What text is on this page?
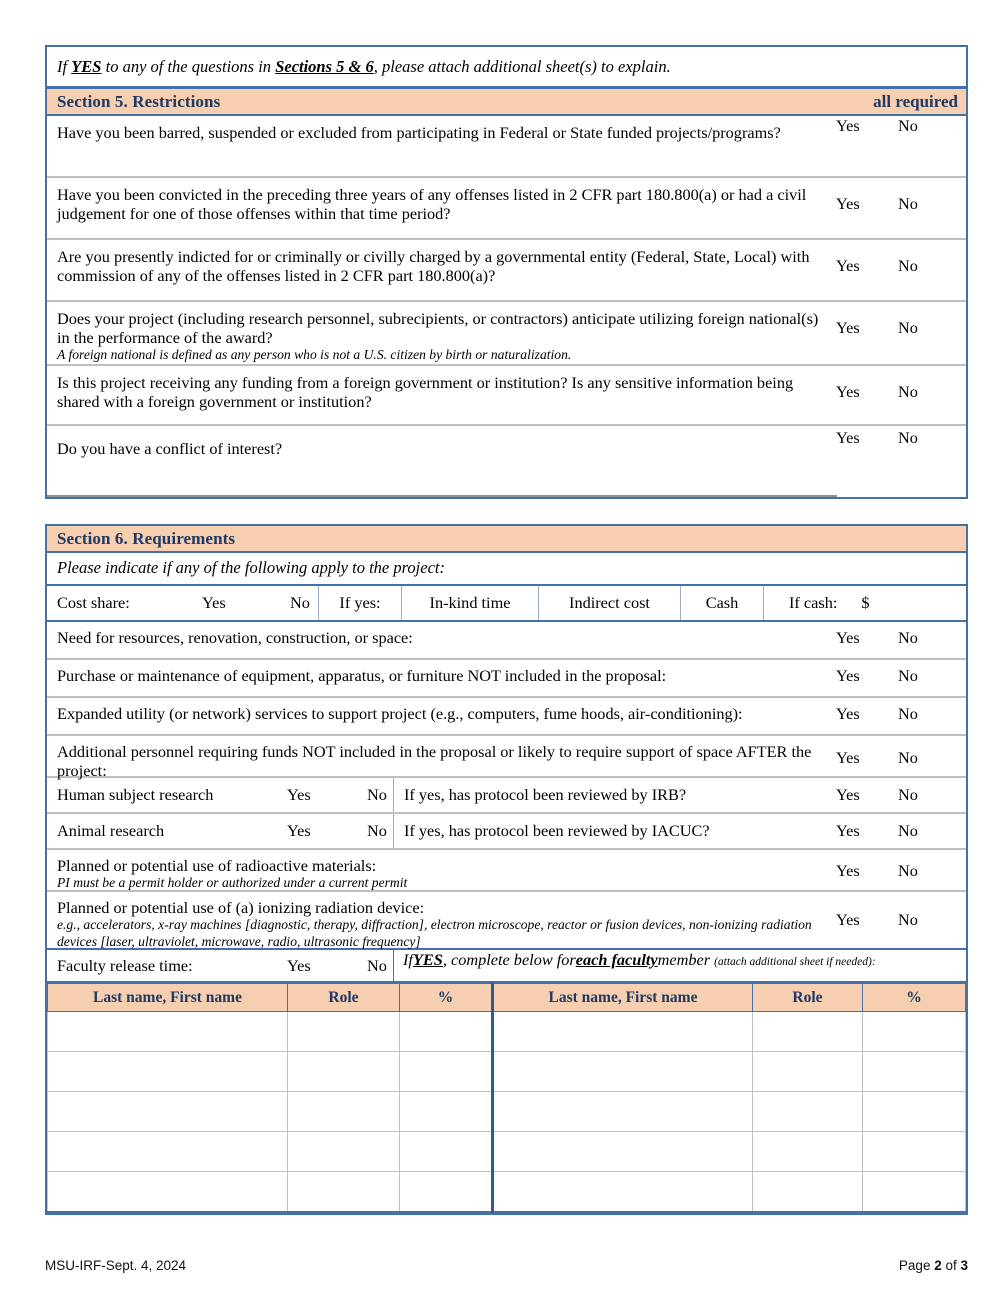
If YES to any of the questions in Sections 5 & 6, please attach additional sheet(s) to explain.
Section 5. Restrictions	all required
Have you been barred, suspended or excluded from participating in Federal or State funded projects/programs?	Yes	No
Have you been convicted in the preceding three years of any offenses listed in 2 CFR part 180.800(a) or had a civil judgement for one of those offenses within that time period?
Yes	No
Are you presently indicted for or criminally or civilly charged by a governmental entity (Federal, State, Local) with commission of any of the offenses listed in 2 CFR part 180.800(a)?
Yes	No
Does your project (including research personnel, subrecipients, or contractors) anticipate utilizing foreign national(s) in the performance of the award?
A foreign national is defined as any person who is not a U.S. citizen by birth or naturalization.
Yes	No
Is this project receiving any funding from a foreign government or institution? Is any sensitive information being shared with a foreign government or institution?
Yes	No
Do you have a conflict of interest?
Yes	No
Section 6. Requirements
Please indicate if any of the following apply to the project:
Cost share:	Yes	No	If yes:	In-kind time	Indirect cost	Cash	If cash: $
Need for resources, renovation, construction, or space:	Yes	No
Purchase or maintenance of equipment, apparatus, or furniture NOT included in the proposal:	Yes	No
Expanded utility (or network) services to support project (e.g., computers, fume hoods, air-conditioning):	Yes	No
Additional personnel requiring funds NOT included in the proposal or likely to require support of space AFTER the project:
Yes	No
Human subject research	Yes	No	If yes, has protocol been reviewed by IRB?	Yes	No
Animal research	Yes	No	If yes, has protocol been reviewed by IACUC?	Yes	No
Planned or potential use of radioactive materials:
PI must be a permit holder or authorized under a current permit
Yes	No
Planned or potential use of (a) ionizing radiation device:
e.g., accelerators, x-ray machines [diagnostic, therapy, diffraction], electron microscope, reactor or fusion devices, non-ionizing radiation devices [laser, ultraviolet, microwave, radio, ultrasonic frequency]
Yes	No
Faculty release time:	Yes	No If YES , complete below for each faculty member (attach additional sheet if needed):
Last name, First name	Role	%	Last name, First name	Role	%

MSU-IRF-Sept. 4, 2024	Page 2 of 3
